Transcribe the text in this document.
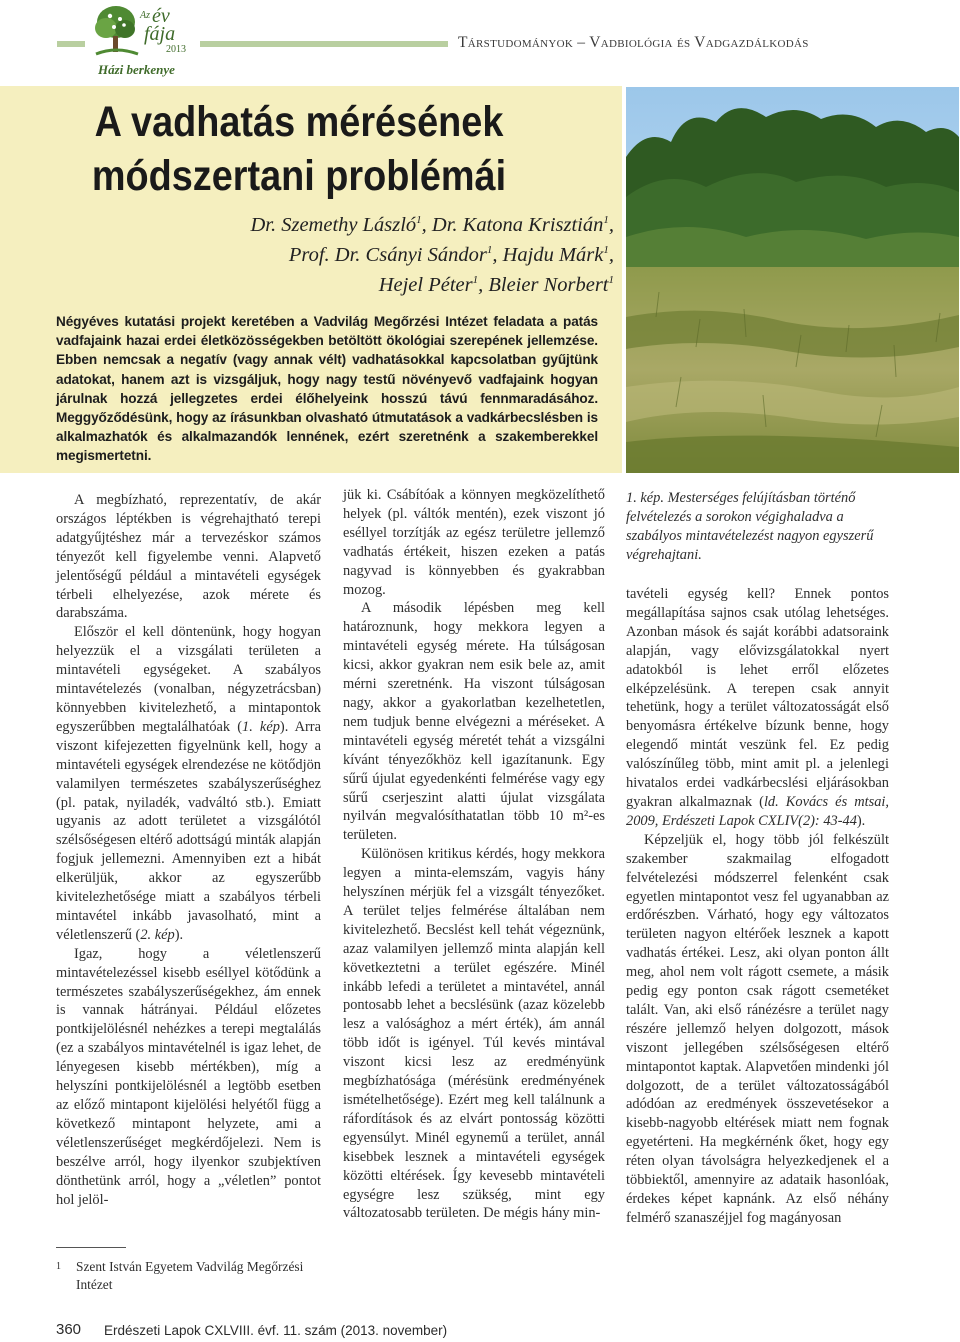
Az év
fája
2013
Házi berkenye
Társtudományok – Vadbiológia és Vadgazdálkodás
A vadhatás mérésének
módszertani problémái
Dr. Szemethy László$^1$, Dr. Katona Krisztián$^1$,
Prof. Dr. Csányi Sándor$^1$, Hajdu Márk$^1$,
Hejel Péter$^1$, Bleier Norbert$^1$
Négyéves kutatási projekt keretében a Vadvilág Megőrzési Intézet feladata a patás vadfajaink hazai erdei életközösségekben betöltött ökológiai szerepének jellemzése. Ebben nemcsak a negatív (vagy annak vélt) vadhatásokkal kapcsolatban gyűjtünk adatokat, hanem azt is vizsgáljuk, hogy nagy testű növényevő vadfajaink hogyan járulnak hozzá jellegzetes erdei élőhelyeink hosszú távú fennmaradásához. Meggyőződésünk, hogy az írásunkban olvasható útmutatások a vadkárbecslésben is alkalmazhatók és alkalmazandók lennének, ezért szeretnénk a szakemberekkel megismertetni.
1. kép. Mesterséges felújításban történő felvételezés a sorokon végighaladva a szabályos mintavételezést nagyon egyszerű végrehajtani.

A megbízható, reprezentatív, de akár országos léptékben is végrehajtható terepi adatgyűjtéshez már a tervezéskor számos tényezőt kell figyelembe venni. Alapvető jelentőségű például a mintavételi egységek térbeli elhelyezése, azok mérete és darabszáma.

Először el kell döntenünk, hogy hogyan helyezzük el a vizsgálati területen a mintavételi egységeket. A szabályos mintavételezés (vonalban, négyzetrácsban) könnyebben kivitelezhető, a mintapontok egyszerűbben megtalálhatóak (1. kép). Arra viszont kifejezetten figyelnünk kell, hogy a mintavételi egységek elrendezése ne kötődjön valamilyen természetes szabályszerűséghez (pl. patak, nyiladék, vadváltó stb.). Emiatt ugyanis az adott területet a vizsgálótól szélsőségesen eltérő adottságú minták alapján fogjuk jellemezni. Amennyiben ezt a hibát elkerüljük, akkor az egyszerűbb kivitelezhetősége miatt a szabályos térbeli mintavétel inkább javasolható, mint a véletlenszerű (2. kép).

Igaz, hogy a véletlenszerű mintavételezéssel kisebb eséllyel kötődünk a természetes szabályszerűségekhez, ám ennek is vannak hátrányai. Például előzetes pontkijelölésnél nehézkes a terepi megtalálás (ez a szabályos mintavételnél is igaz lehet, de lényegesen kisebb mértékben), míg a helyszíni pontkijelölésnél a legtöbb esetben az előző mintapont kijelölési helyétől függ a következő mintapont helyzete, ami a véletlenszerűséget megkérdőjelezi. Nem is beszélve arról, hogy ilyenkor szubjektíven dönthetünk arról, hogy a „véletlen” pontot hol jelöl-

1 Szent István Egyetem Vadvilág Megőrzési Intézet

jük ki. Csábítóak a könnyen megközelíthető helyek (pl. váltók mentén), ezek viszont jó eséllyel torzítják az egész területre jellemző vadhatás értékeit, hiszen ezeken a patás nagyvad is könnyebben és gyakrabban mozog.

A második lépésben meg kell határoznunk, hogy mekkora legyen a mintavételi egység mérete. Ha túlságosan kicsi, akkor gyakran nem esik bele az, amit mérni szeretnénk. Ha viszont túlságosan nagy, akkor a gyakorlatban kezelhetetlen, nem tudjuk benne elvégezni a méréseket. A mintavételi egység méretét tehát a vizsgálni kívánt tényezőkhöz kell igazítanunk. Egy sűrű újulat egyedenkénti felmérése vagy egy sűrű cserjeszint alatti újulat vizsgálata nyilván megvalósíthatatlan több 10 m²-es területen.

Különösen kritikus kérdés, hogy mekkora legyen a minta-elemszám, vagyis hány helyszínen mérjük fel a vizsgált tényezőket. A terület teljes felmérése általában nem kivitelezhető. Becslést kell tehát végeznünk, azaz valamilyen jellemző minta alapján kell következtetni a terület egészére. Minél inkább lefedi a területet a mintavétel, annál pontosabb lehet a becslésünk (azaz közelebb lesz a valósághoz a mért érték), ám annál több időt is igényel. Túl kevés mintával viszont kicsi lesz az eredményünk megbízhatósága (mérésünk eredményének ismételhetősége). Ezért meg kell találnunk a ráfordítások és az elvárt pontosság közötti egyensúlyt. Minél egynemű a terület, annál kisebbek lesznek a mintavételi egységek közötti eltérések. Így kevesebb mintavételi egységre lesz szükség, mint egy változatosabb területen. De mégis hány min-

tavételi egység kell? Ennek pontos megállapítása sajnos csak utólag lehetséges. Azonban mások és saját korábbi adatsoraink alapján, vagy elővizsgálatokkal nyert adatokból is lehet erről előzetes elképzelésünk. A terepen csak annyit tehetünk, hogy a terület változatosságát első benyomásra értékelve bízunk benne, hogy elegendő mintát veszünk fel. Ez pedig valószínűleg több, mint amit pl. a jelenlegi hivatalos erdei vadkárbecslési eljárásokban gyakran alkalmaznak (ld. Kovács és mtsai, 2009, Erdészeti Lapok CXLIV(2): 43-44).

Képzeljük el, hogy több jól felkészült szakember szakmailag elfogadott felvételezési módszerrel felenként csak egyetlen mintapontot vesz fel ugyanabban az erdőrészben. Várható, hogy egy változatos területen nagyon eltérőek lesznek a kapott vadhatás értékei. Lesz, aki olyan ponton állt meg, ahol nem volt rágott csemete, a másik pedig egy ponton csak rágott csemetéket talált. Van, aki első ránézésre a terület nagy részére jellemző helyen dolgozott, mások viszont jellegében szélsőségesen eltérő mintapontot kaptak. Alapvetően mindenki jól dolgozott, de a terület változatosságából adódóan az eredmények összevetésekor a kisebb-nagyobb eltérések miatt nem fognak egyetérteni. Ha megkérnénk őket, hogy egy réten olyan távolságra helyezkedjenek el a többiektől, amennyire az adataik hasonlóak, érdekes képet kapnánk. Az első néhány felmérő szanaszéjjel fog magányosan

360 Erdészeti Lapok CXLVIII. évf. 11. szám (2013. november)
